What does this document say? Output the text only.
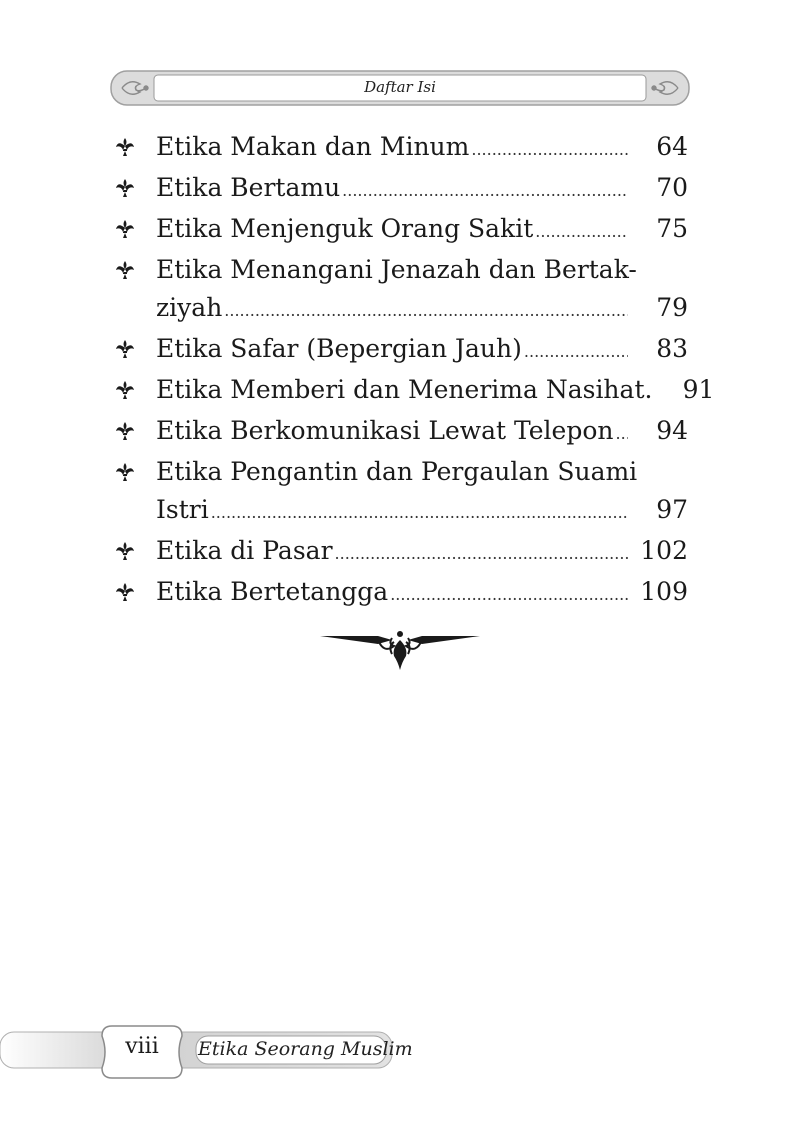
Daftar Isi
Etika Makan dan Minum .....	64
Etika Bertamu .....	70
Etika Menjenguk Orang Sakit .....	75
Etika Menangani Jenazah dan Bertak-
ziyah .....	79
Etika Safar (Bepergian Jauh) .....	83
Etika Memberi dan Menerima Nasihat.	91
Etika Berkomunikasi Lewat Telepon .....	94
Etika Pengantin dan Pergaulan Suami
Istri .....	97
Etika di Pasar .....	102
Etika Bertetangga .....	109
viii	Etika Seorang Muslim
